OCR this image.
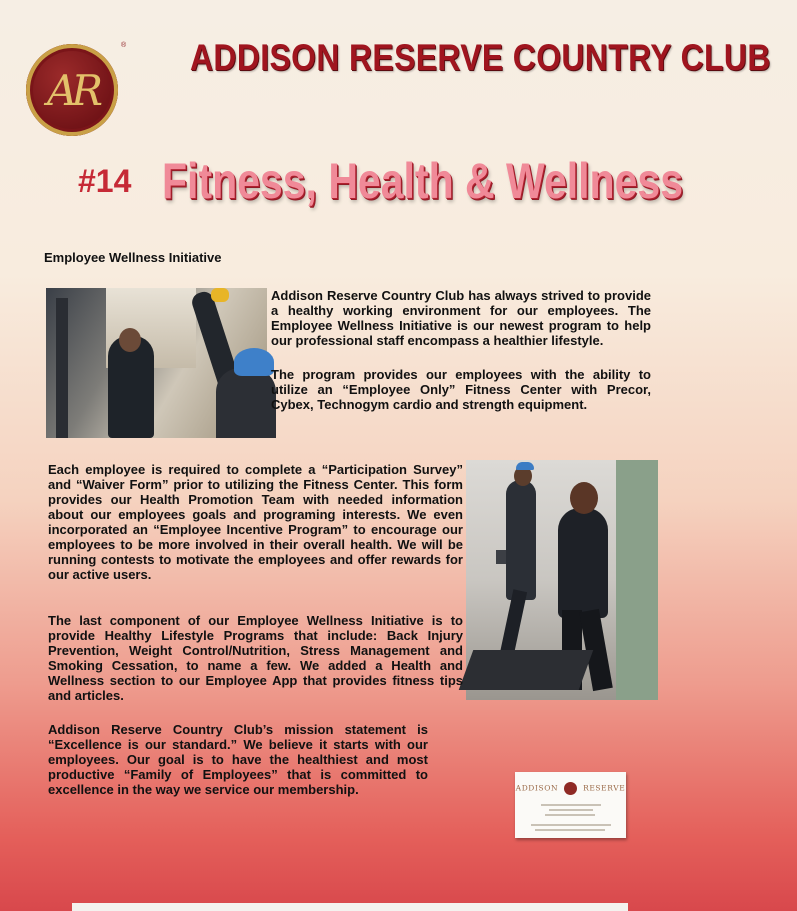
AR
® ADDISON RESERVE COUNTRY CLUB
#14 Fitness, Health & Wellness
Employee Wellness Initiative

Addison Reserve Country Club has always strived to provide a healthy working environment for our employees. The Employee Wellness Initiative is our newest program to help our professional staff encompass a healthier lifestyle.

The program provides our employees with the ability to utilize an “Employee Only” Fitness Center with Precor, Cybex, Technogym cardio and strength equipment.

Each employee is required to complete a “Participation Survey” and “Waiver Form” prior to utilizing the Fitness Center. This form provides our Health Promotion Team with needed information about our employees goals and programing interests. We even incorporated an “Employee Incentive Program” to encourage our employees to be more involved in their overall health. We will be running contests to motivate the employees and offer rewards for our active users.

The last component of our Employee Wellness Initiative is to provide Healthy Lifestyle Programs that include: Back Injury Prevention, Weight Control/Nutrition, Stress Management and Smoking Cessation, to name a few. We added a Health and Wellness section to our Employee App that provides fitness tips and articles.

Addison Reserve Country Club’s mission statement is “Excellence is our standard.” We believe it starts with our employees. Our goal is to have the healthiest and most productive “Family of Employees” that is committed to excellence in the way we service our membership.	ADDISON	RESERVE
